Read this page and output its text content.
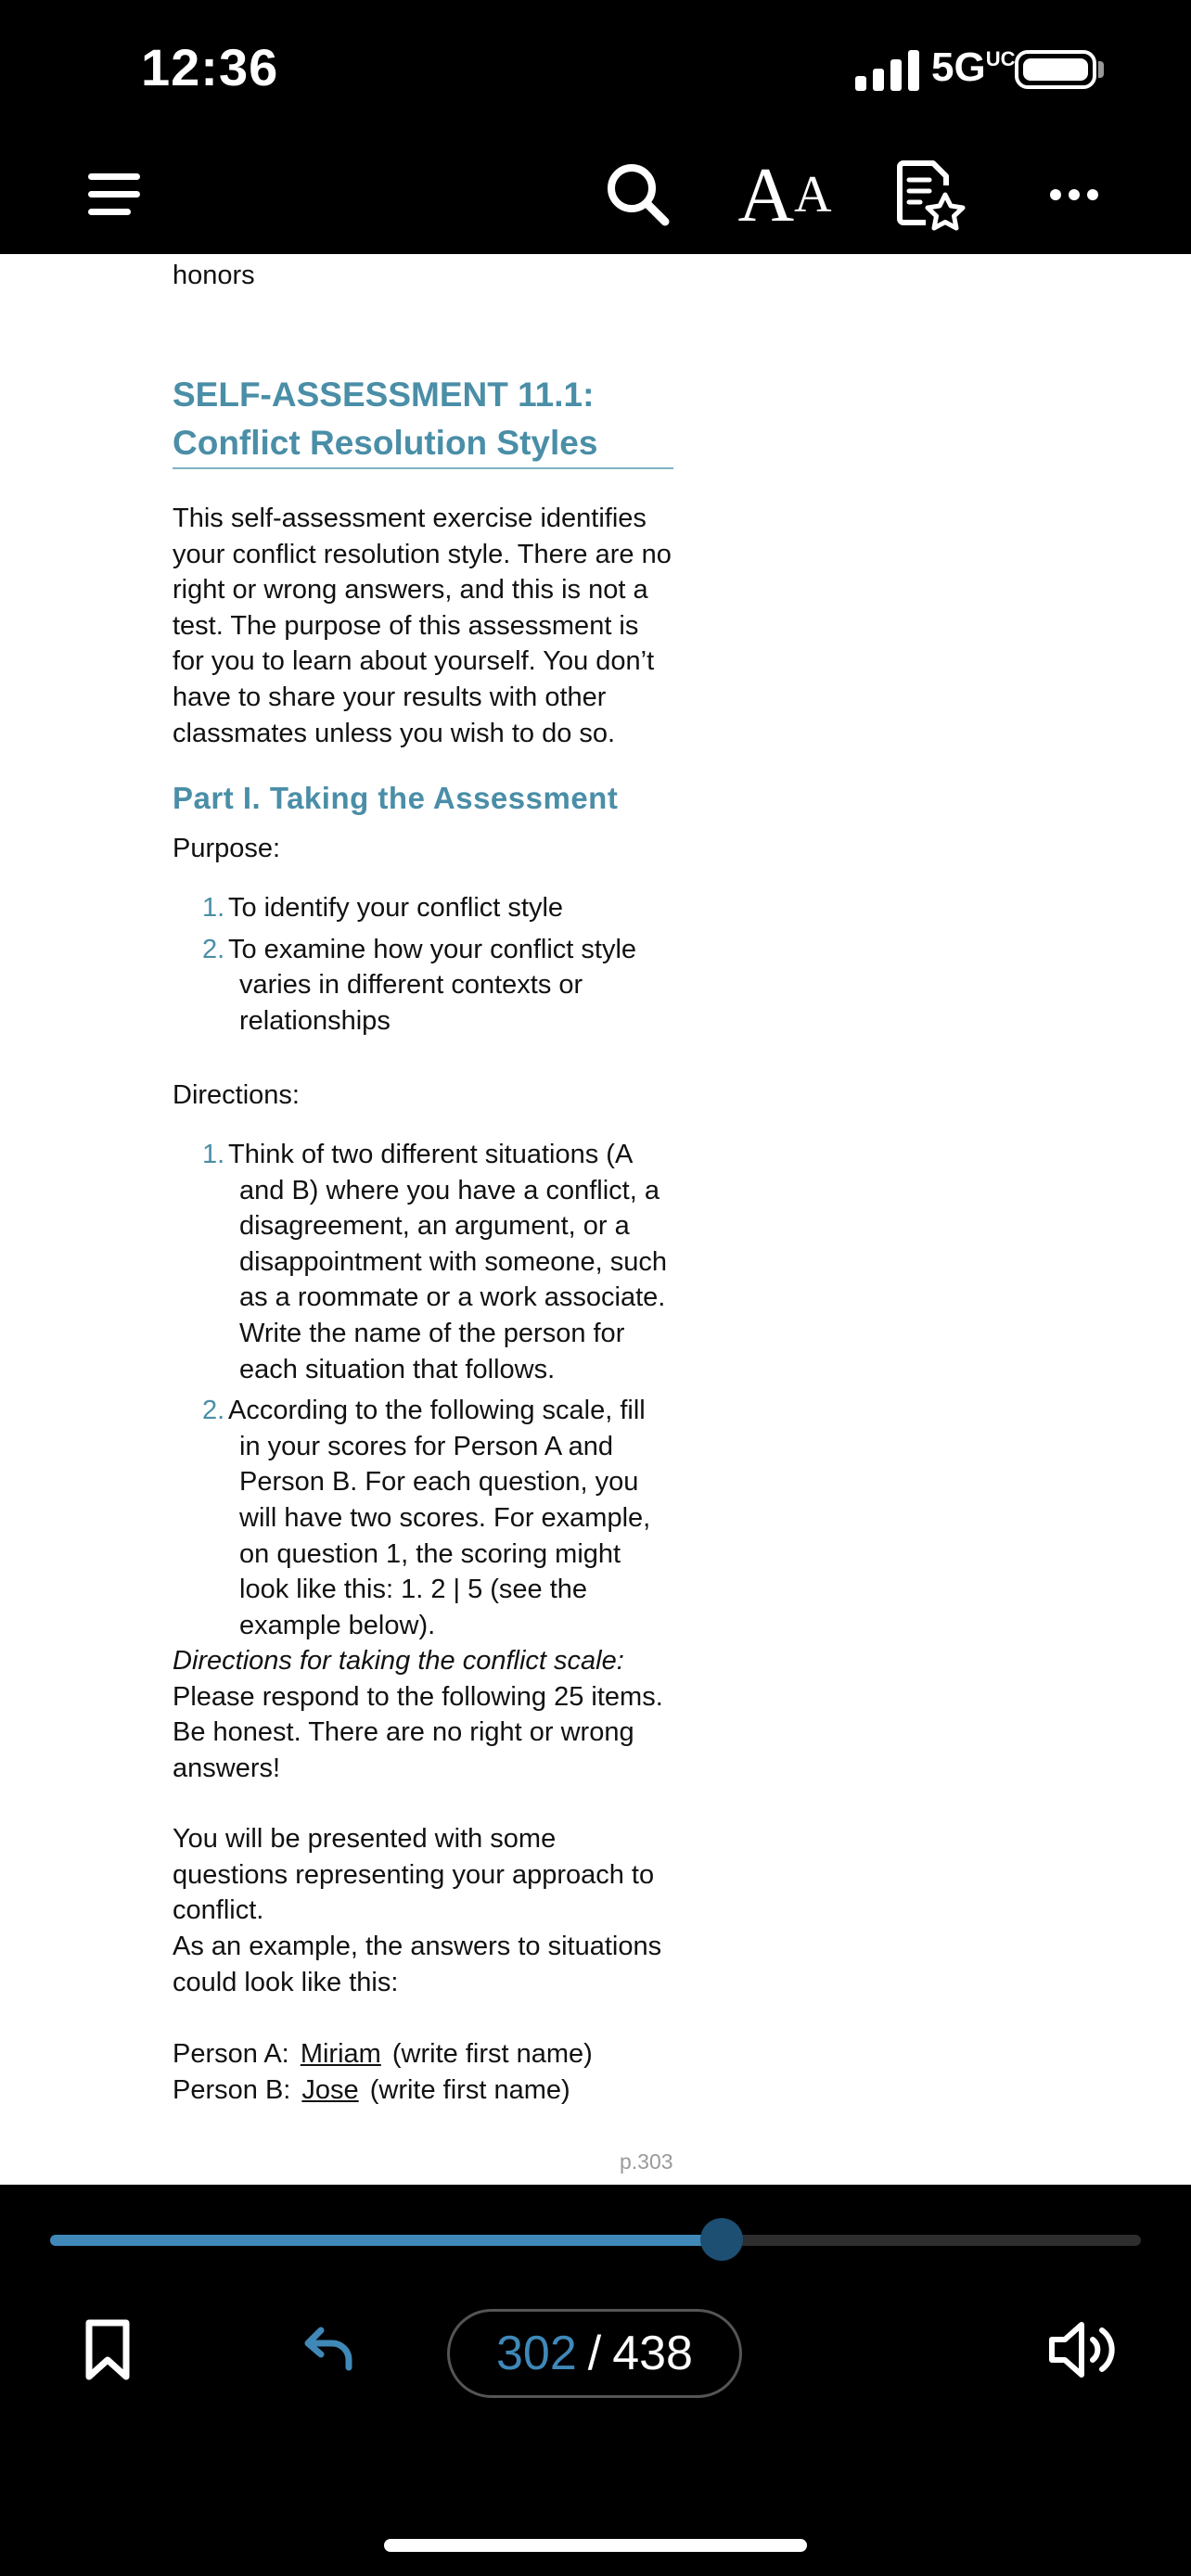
12:36	5GUC
A A

honors

SELF-ASSESSMENT 11.1:
Conflict Resolution Styles

This self-assessment exercise identifies your conflict resolution style. There are no right or wrong answers, and this is not a test. The purpose of this assessment is for you to learn about yourself. You don’t have to share your results with other classmates unless you wish to do so.

Part I. Taking the Assessment

Purpose:

1. To identify your conflict style
2. To examine how your conflict style varies in different contexts or relationships

Directions:

1. Think of two different situations (A and B) where you have a conflict, a disagreement, an argument, or a disappointment with someone, such as a roommate or a work associate. Write the name of the person for each situation that follows.
2. According to the following scale, fill in your scores for Person A and Person B. For each question, you will have two scores. For example, on question 1, the scoring might look like this: 1. 2 | 5 (see the example below).

Directions for taking the conflict scale: Please respond to the following 25 items. Be honest. There are no right or wrong answers!

You will be presented with some questions representing your approach to conflict.

As an example, the answers to situations could look like this:

Person A: Miriam (write first name)

Person B: Jose (write first name)

p.303
302 / 438
